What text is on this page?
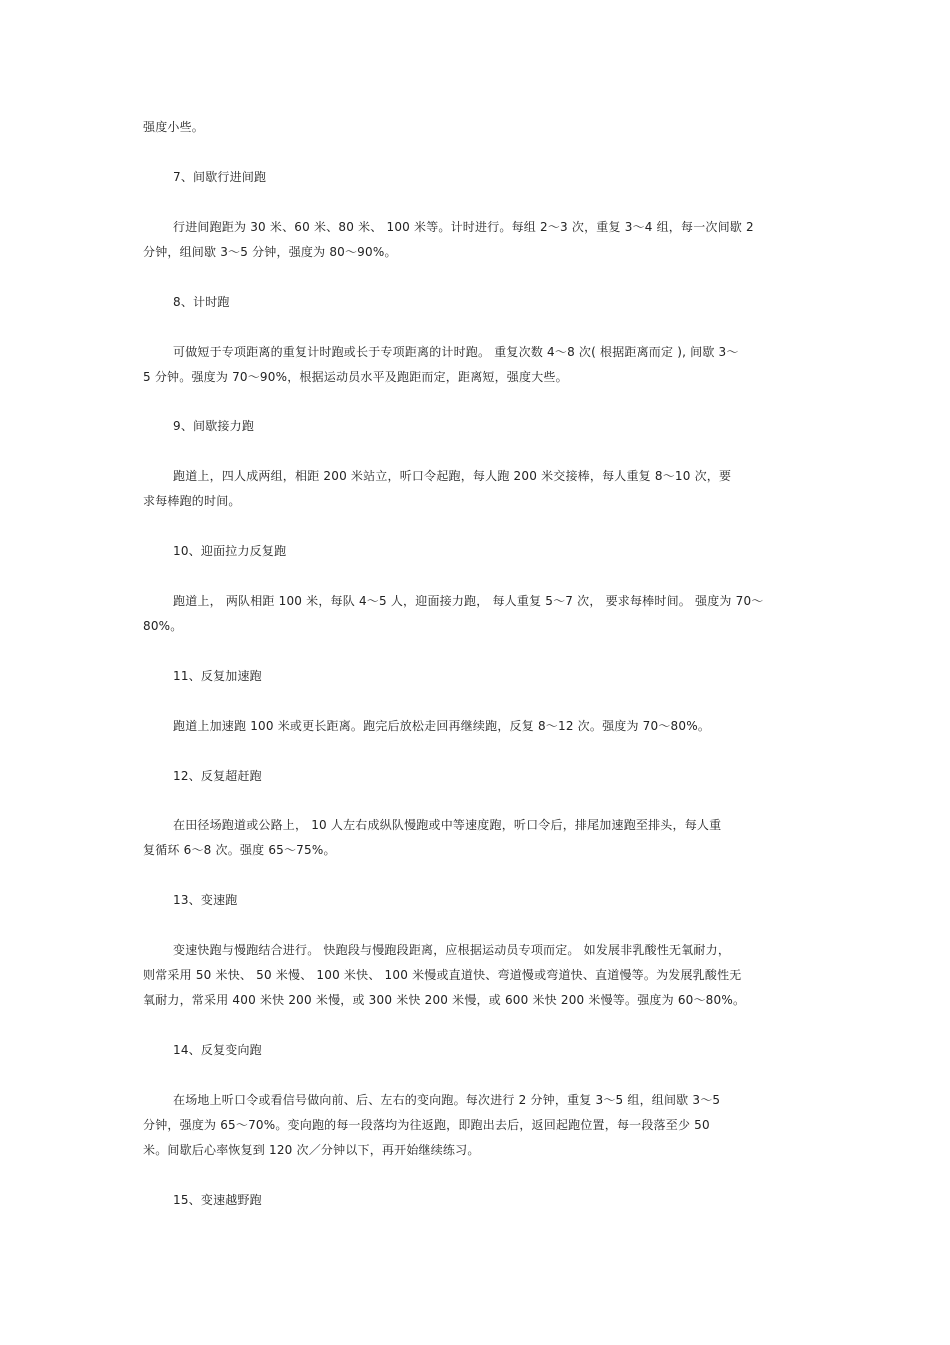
强度小些。
7、间歇行进间跑
行进间跑距为 30 米、60 米、80 米、 100 米等。计时进行。每组 2～3 次，重复 3～4 组，每一次间歇 2
分钟，组间歇 3～5 分钟，强度为 80～90%。
8、计时跑
可做短于专项距离的重复计时跑或长于专项距离的计时跑。 重复次数 4～8 次( 根据距离而定 ), 间歇 3～
5 分钟。强度为 70～90%，根据运动员水平及跑距而定，距离短，强度大些。
9、间歇接力跑
跑道上，四人成两组，相距 200 米站立，听口令起跑，每人跑 200 米交接棒，每人重复 8～10 次，要
求每棒跑的时间。
10、迎面拉力反复跑
跑道上， 两队相距 100 米，每队 4～5 人，迎面接力跑， 每人重复 5～7 次， 要求每棒时间。 强度为 70～
80%。
11、反复加速跑
跑道上加速跑 100 米或更长距离。跑完后放松走回再继续跑，反复 8～12 次。强度为 70～80%。
12、反复超赶跑
在田径场跑道或公路上， 10 人左右成纵队慢跑或中等速度跑，听口令后，排尾加速跑至排头，每人重
复循环 6～8 次。强度 65～75%。
13、变速跑
变速快跑与慢跑结合进行。 快跑段与慢跑段距离，应根据运动员专项而定。 如发展非乳酸性无氧耐力，
则常采用 50 米快、 50 米慢、 100 米快、 100 米慢或直道快、弯道慢或弯道快、直道慢等。为发展乳酸性无
氧耐力，常采用 400 米快 200 米慢，或 300 米快 200 米慢，或 600 米快 200 米慢等。强度为 60～80%。
14、反复变向跑
在场地上听口令或看信号做向前、后、左右的变向跑。每次进行 2 分钟，重复 3～5 组，组间歇 3～5
分钟，强度为 65～70%。变向跑的每一段落均为往返跑，即跑出去后，返回起跑位置，每一段落至少 50
米。间歇后心率恢复到 120 次／分钟以下，再开始继续练习。
15、变速越野跑
